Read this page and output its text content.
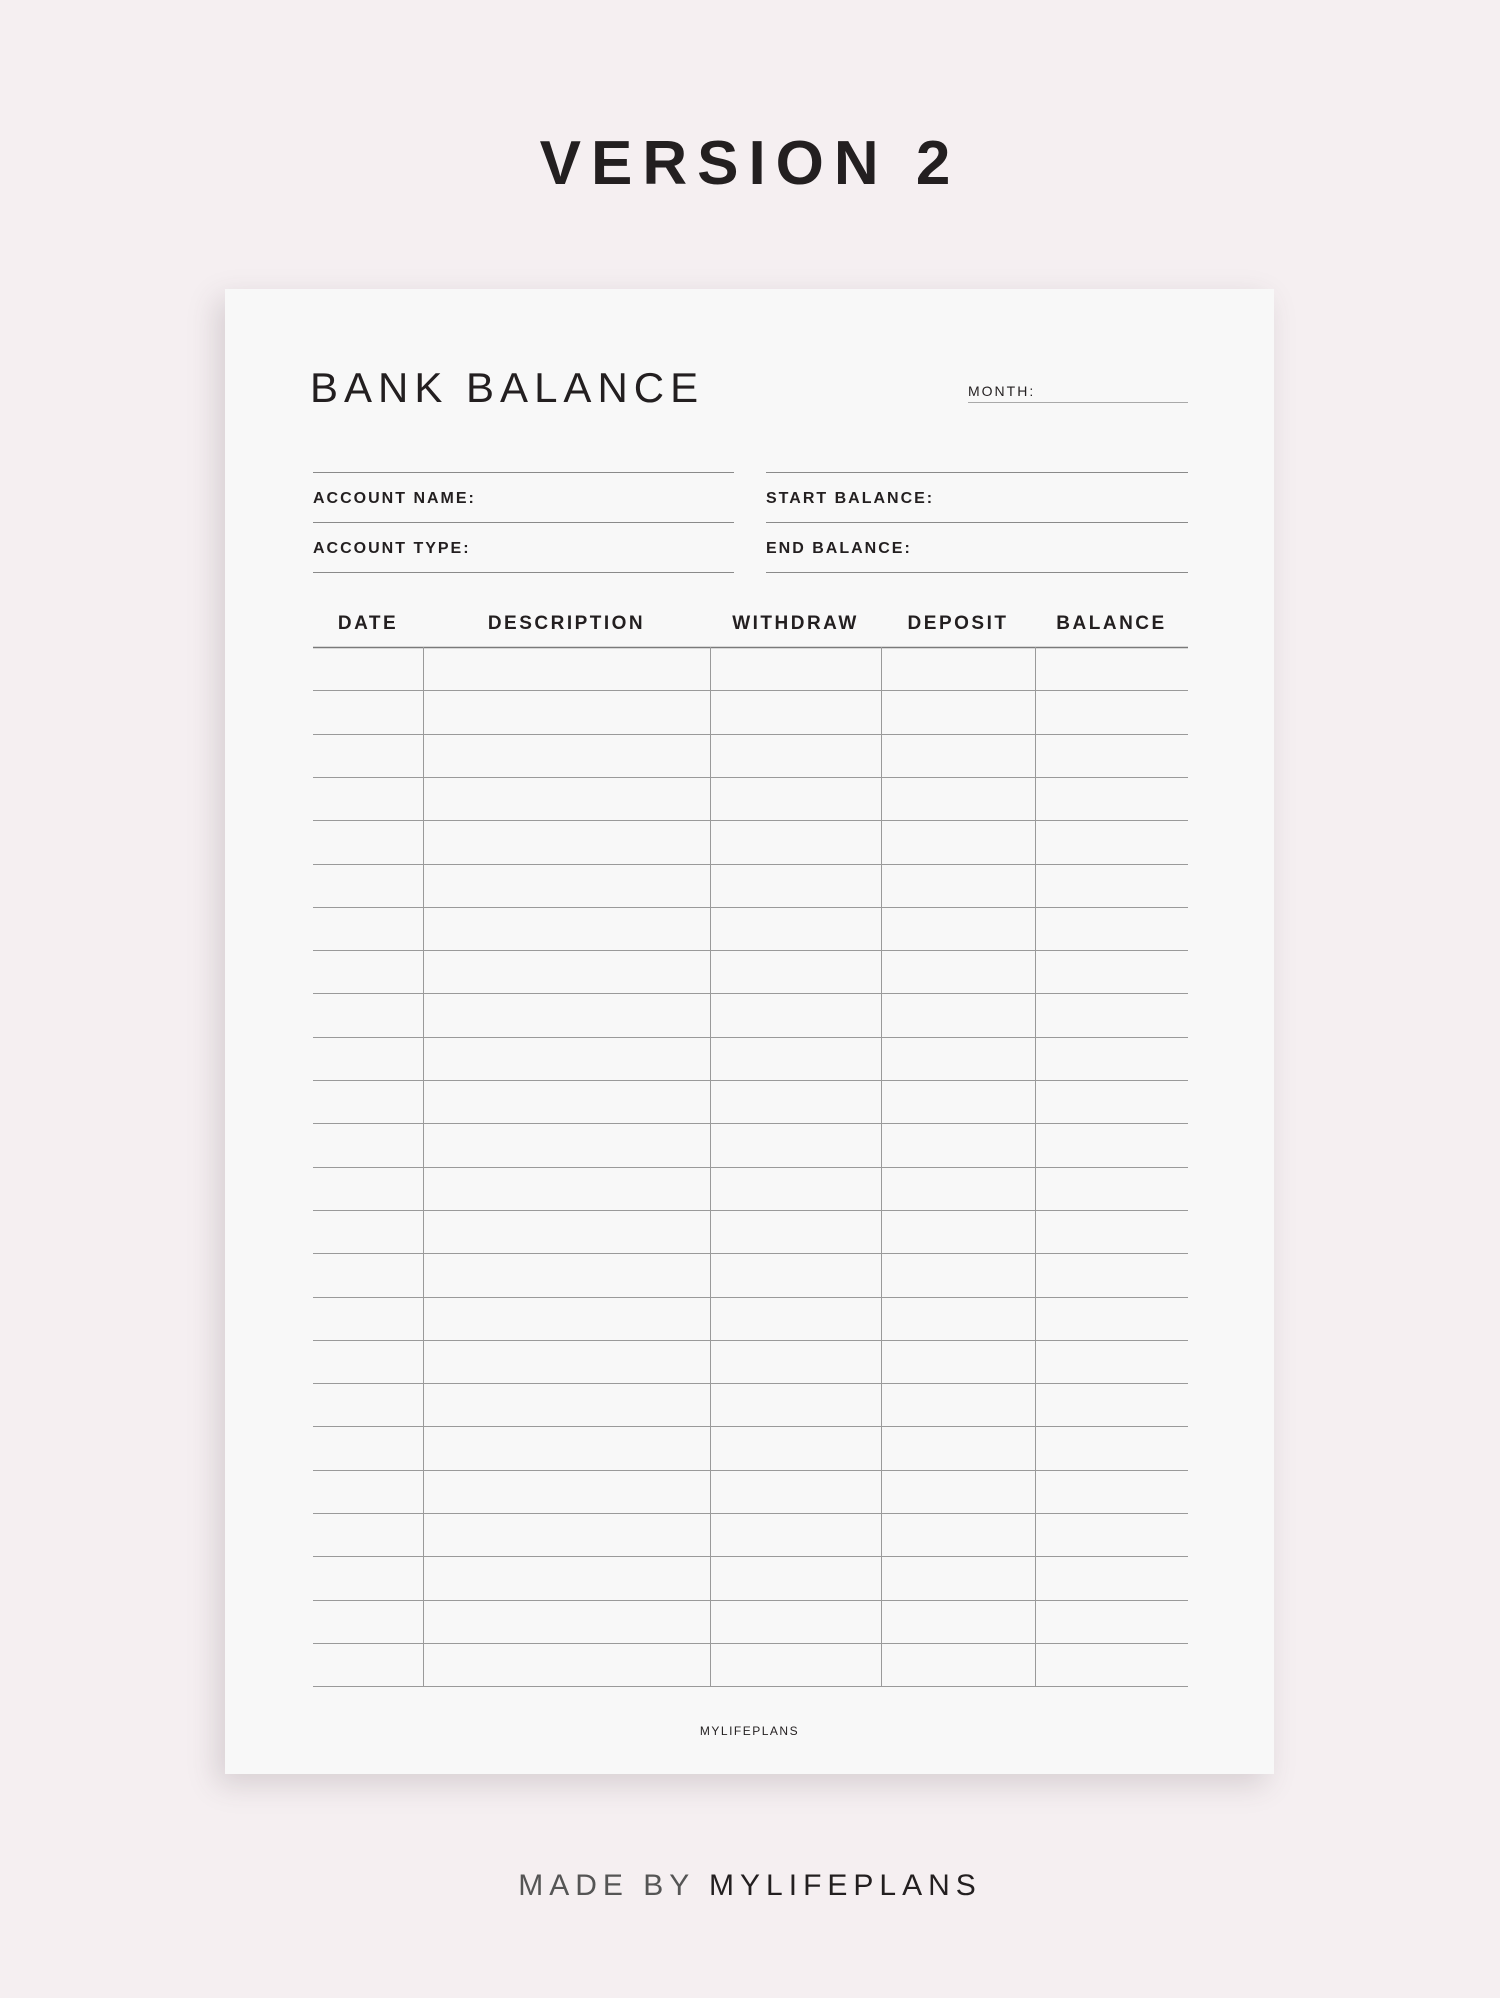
VERSION 2
BANK BALANCE	MONTH:
ACCOUNT NAME:	START BALANCE:
ACCOUNT TYPE:	END BALANCE:
DATE	DESCRIPTION	WITHDRAW	DEPOSIT	BALANCE
MYLIFEPLANS
MADE BY MYLIFEPLANS
